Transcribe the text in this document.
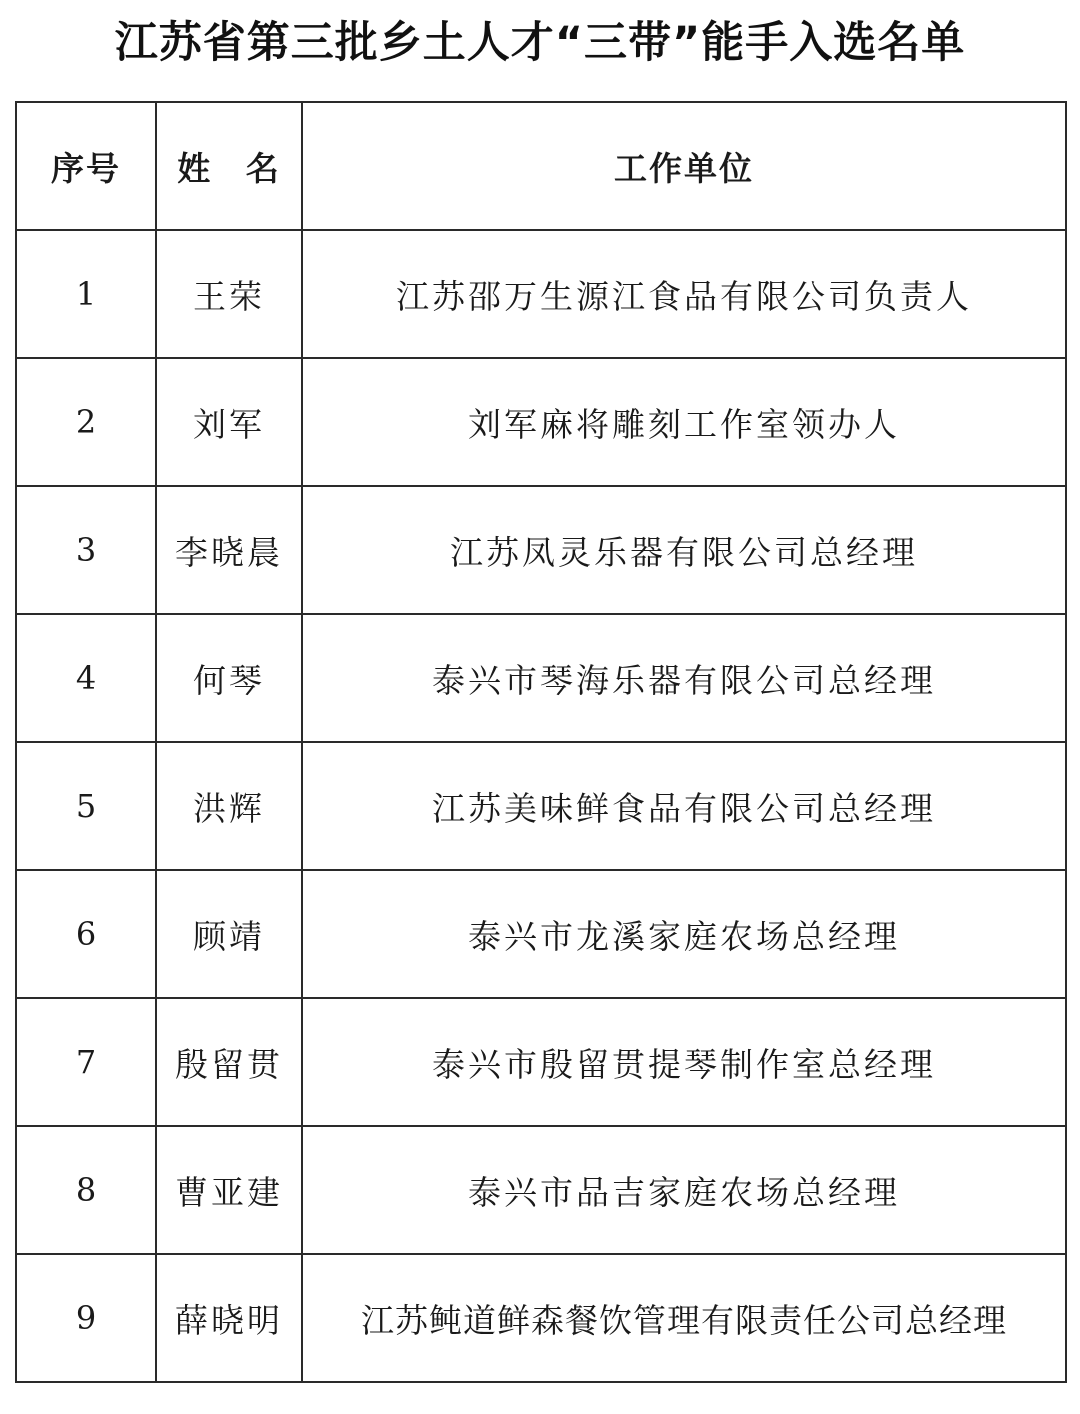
江苏省第三批乡土人才“三带”能手入选名单
序号	姓 名	工作单位
1	王荣	江苏邵万生源江食品有限公司负责人
2	刘军	刘军麻将雕刻工作室领办人
3	李晓晨	江苏凤灵乐器有限公司总经理
4	何琴	泰兴市琴海乐器有限公司总经理
5	洪辉	江苏美味鲜食品有限公司总经理
6	顾靖	泰兴市龙溪家庭农场总经理
7	殷留贯	泰兴市殷留贯提琴制作室总经理
8	曹亚建	泰兴市品吉家庭农场总经理
9	薛晓明	江苏鲀道鲜森餐饮管理有限责任公司总经理
